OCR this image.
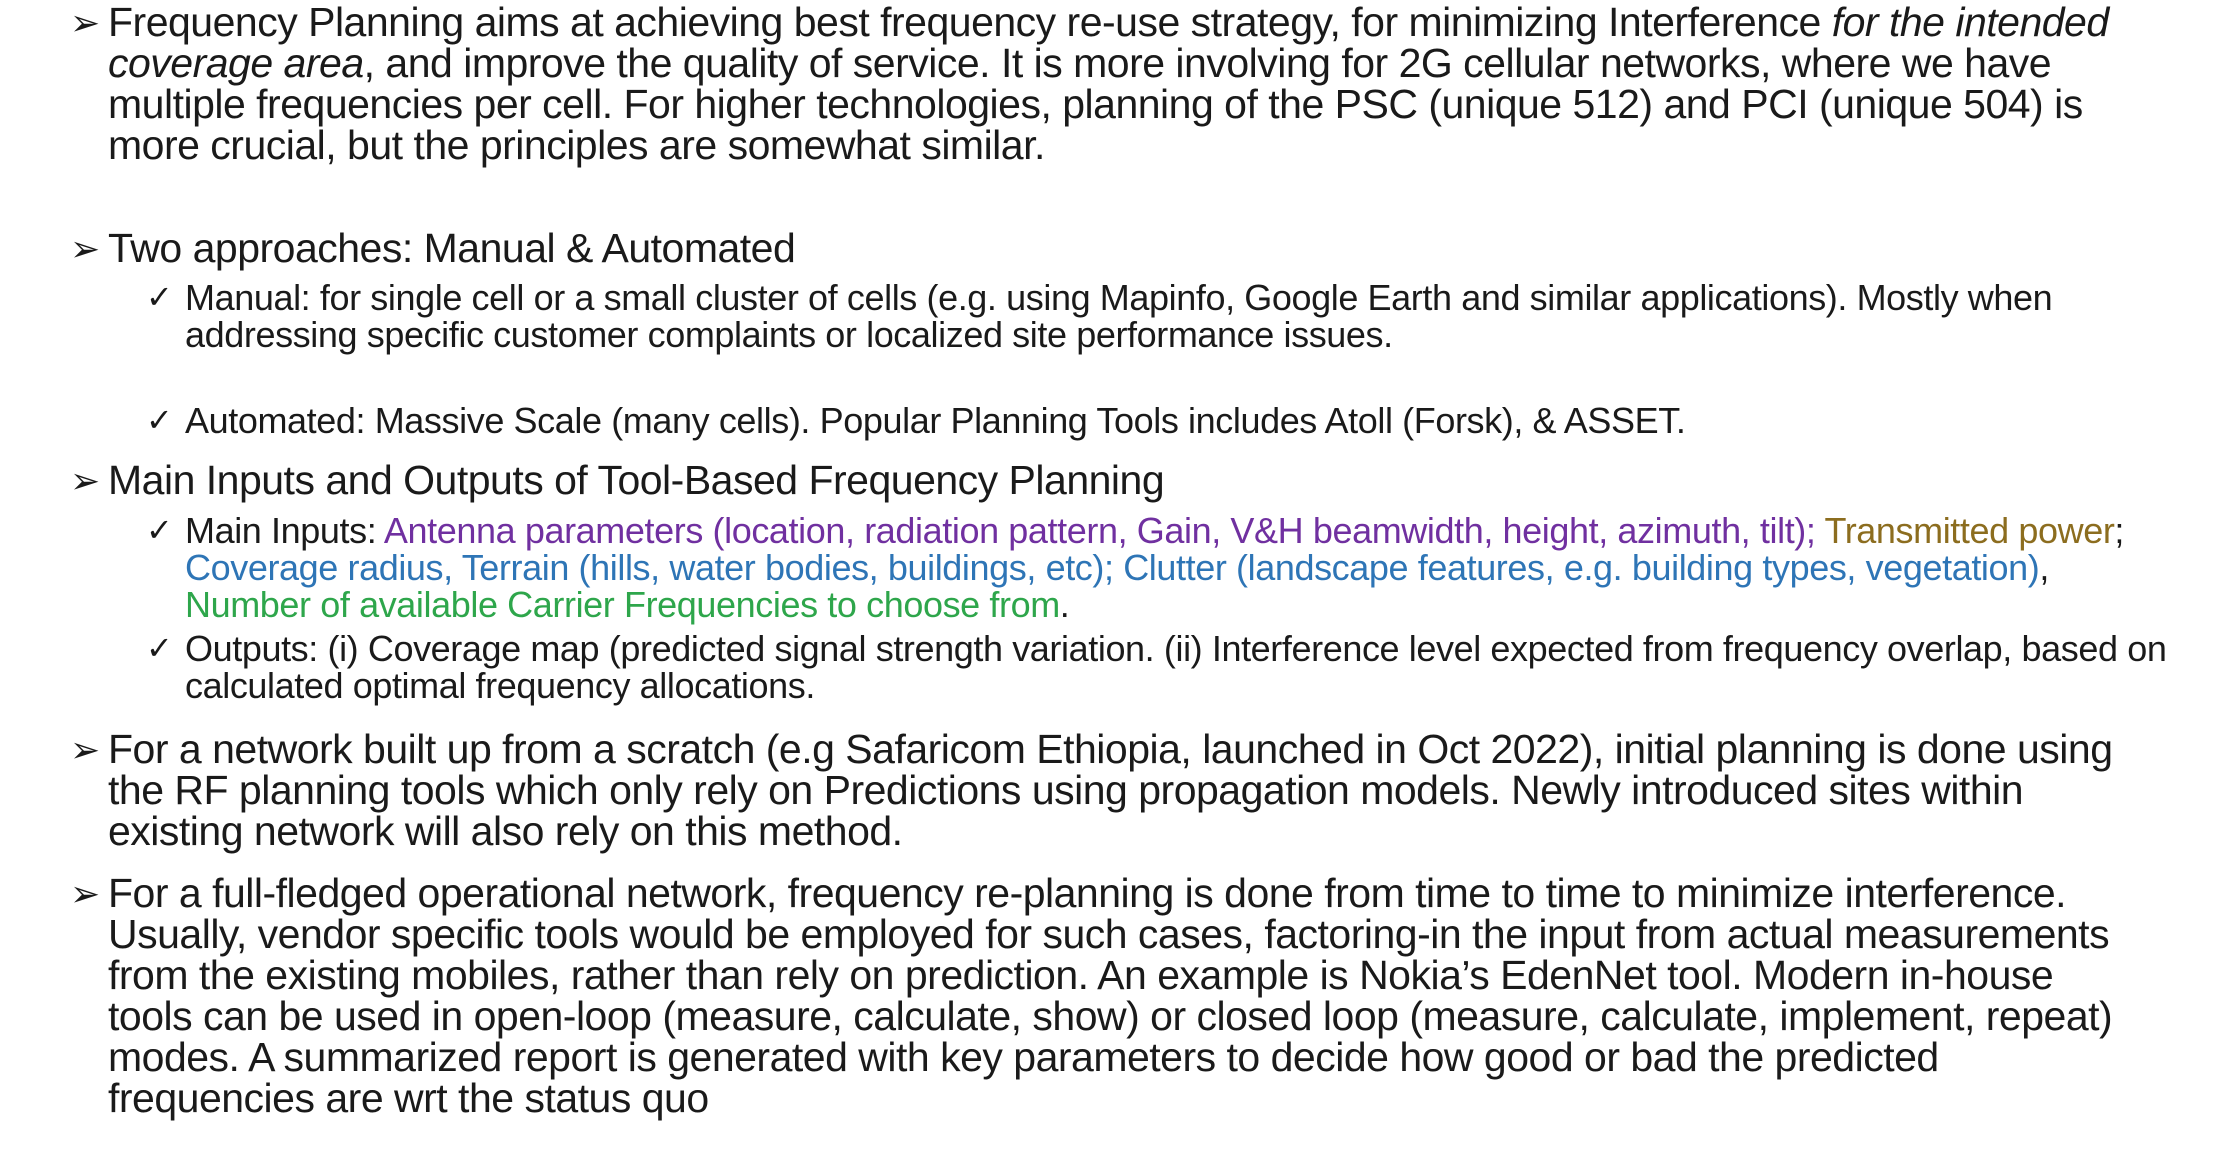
➢ Frequency Planning aims at achieving best frequency re-use strategy, for minimizing Interference for the intended coverage area, and improve the quality of service. It is more involving for 2G cellular networks, where we have multiple frequencies per cell. For higher technologies, planning of the PSC (unique 512) and PCI (unique 504) is more crucial, but the principles are somewhat similar.
➢ Two approaches: Manual & Automated
✓ Manual: for single cell or a small cluster of cells (e.g. using Mapinfo, Google Earth and similar applications). Mostly when addressing specific customer complaints or localized site performance issues.
✓ Automated: Massive Scale (many cells). Popular Planning Tools includes Atoll (Forsk), & ASSET.
➢ Main Inputs and Outputs of Tool-Based Frequency Planning
✓ Main Inputs: Antenna parameters (location, radiation pattern, Gain, V&H beamwidth, height, azimuth, tilt); Transmitted power; Coverage radius, Terrain (hills, water bodies, buildings, etc); Clutter (landscape features, e.g. building types, vegetation), Number of available Carrier Frequencies to choose from.
✓ Outputs: (i) Coverage map (predicted signal strength variation. (ii) Interference level expected from frequency overlap, based on calculated optimal frequency allocations.
➢ For a network built up from a scratch (e.g Safaricom Ethiopia, launched in Oct 2022), initial planning is done using the RF planning tools which only rely on Predictions using propagation models. Newly introduced sites within existing network will also rely on this method.
➢ For a full-fledged operational network, frequency re-planning is done from time to time to minimize interference. Usually, vendor specific tools would be employed for such cases, factoring-in the input from actual measurements from the existing mobiles, rather than rely on prediction. An example is Nokia’s EdenNet tool. Modern in-house tools can be used in open-loop (measure, calculate, show) or closed loop (measure, calculate, implement, repeat) modes. A summarized report is generated with key parameters to decide how good or bad the predicted frequencies are wrt the status quo
